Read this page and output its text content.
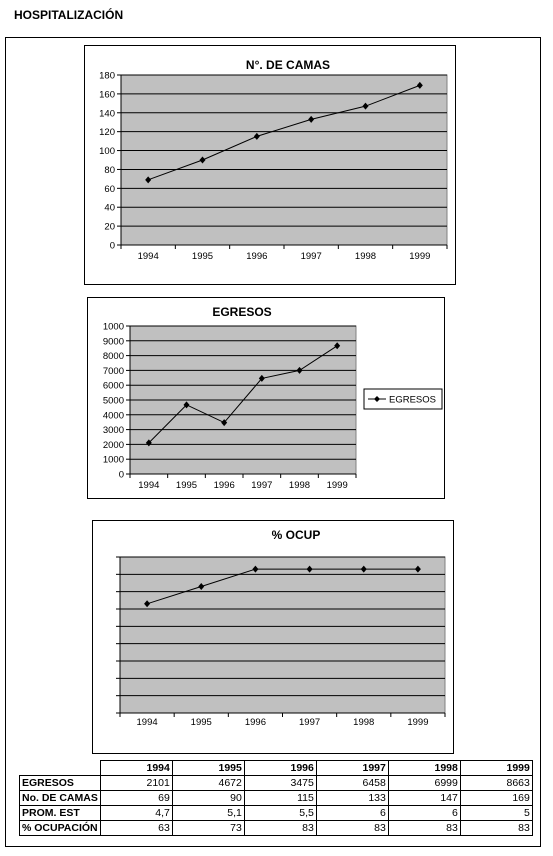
HOSPITALIZACIÓN
0
20
40
60
80
100
120
140
160
180
1994	1995	1996	1997	1998	1999
N°. DE CAMAS
0
1000
2000
3000
4000
5000
6000
7000
8000
9000
1000
1994 1995 1996 1997 1998 1999
EGRESOS
EGRESOS
1994	1995	1996	1997	1998	1999
% OCUP
	1994	1995	1996	1997	1998	1999
EGRESOS	2101	4672	3475	6458	6999	8663
No. DE CAMAS	69	90	115	133	147	169
PROM. EST	4,7	5,1	5,5	6	6	5
% OCUPACIÓN	63	73	83	83	83	83
